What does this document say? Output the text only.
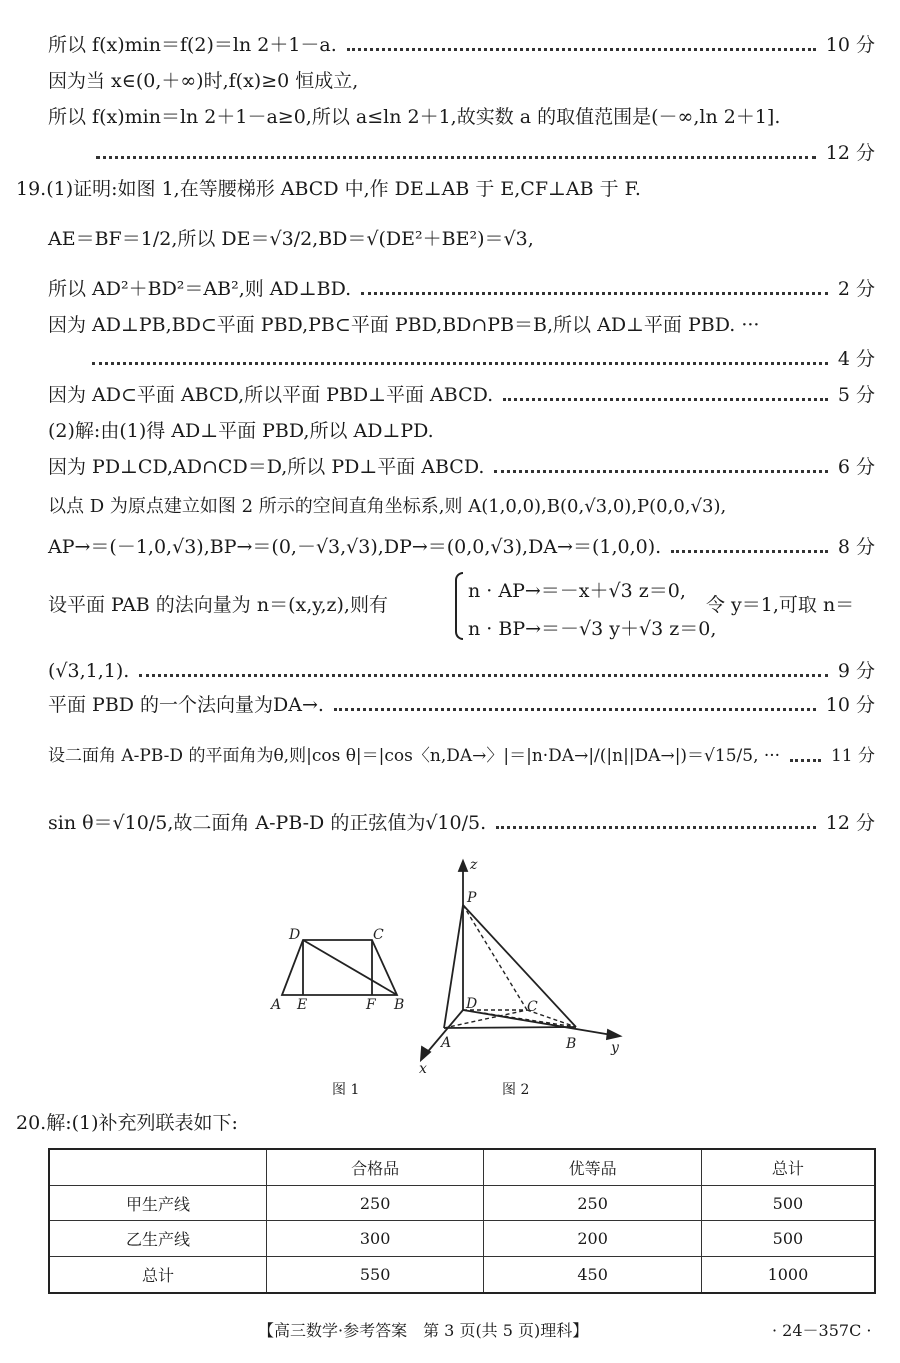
所以 f(x)min＝f(2)＝ln 2＋1－a.	10 分
因为当 x∈(0,＋∞)时,f(x)≥0 恒成立,
所以 f(x)min＝ln 2＋1－a≥0,所以 a≤ln 2＋1,故实数 a 的取值范围是(－∞,ln 2＋1].
12 分
19.(1)证明:如图 1,在等腰梯形 ABCD 中,作 DE⊥AB 于 E,CF⊥AB 于 F.
AE＝BF＝1/2,所以 DE＝√3/2,BD＝√(DE²＋BE²)＝√3,
所以 AD²＋BD²＝AB²,则 AD⊥BD.	2 分
因为 AD⊥PB,BD⊂平面 PBD,PB⊂平面 PBD,BD∩PB＝B,所以 AD⊥平面 PBD. ···
4 分
因为 AD⊂平面 ABCD,所以平面 PBD⊥平面 ABCD.	5 分
(2)解:由(1)得 AD⊥平面 PBD,所以 AD⊥PD.
因为 PD⊥CD,AD∩CD＝D,所以 PD⊥平面 ABCD.	6 分
以点 D 为原点建立如图 2 所示的空间直角坐标系,则 A(1,0,0),B(0,√3,0),P(0,0,√3),
AP→＝(－1,0,√3),BP→＝(0,－√3,√3),DP→＝(0,0,√3),DA→＝(1,0,0).	8 分
设平面 PAB 的法向量为 n＝(x,y,z),则有
n · AP→＝－x＋√3 z＝0,
n · BP→＝－√3 y＋√3 z＝0,
令 y＝1,可取 n＝
(√3,1,1).	9 分
平面 PBD 的一个法向量为DA→.	10 分
设二面角 A-PB-D 的平面角为θ,则|cos θ|＝|cos〈n,DA→〉|＝|n·DA→|/(|n||DA→|)＝√15/5, ···	11 分
sin θ＝√10/5,故二面角 A-PB-D 的正弦值为√10/5.	12 分
D	C
A E	F B
z
P
D	C
A	B y
x
图 1	图 2
20.解:(1)补充列联表如下:
	合格品	优等品	总计
甲生产线	250	250	500
乙生产线	300	200	500
总计	550	450	1000
【高三数学·参考答案　第 3 页(共 5 页)理科】	· 24－357C ·
